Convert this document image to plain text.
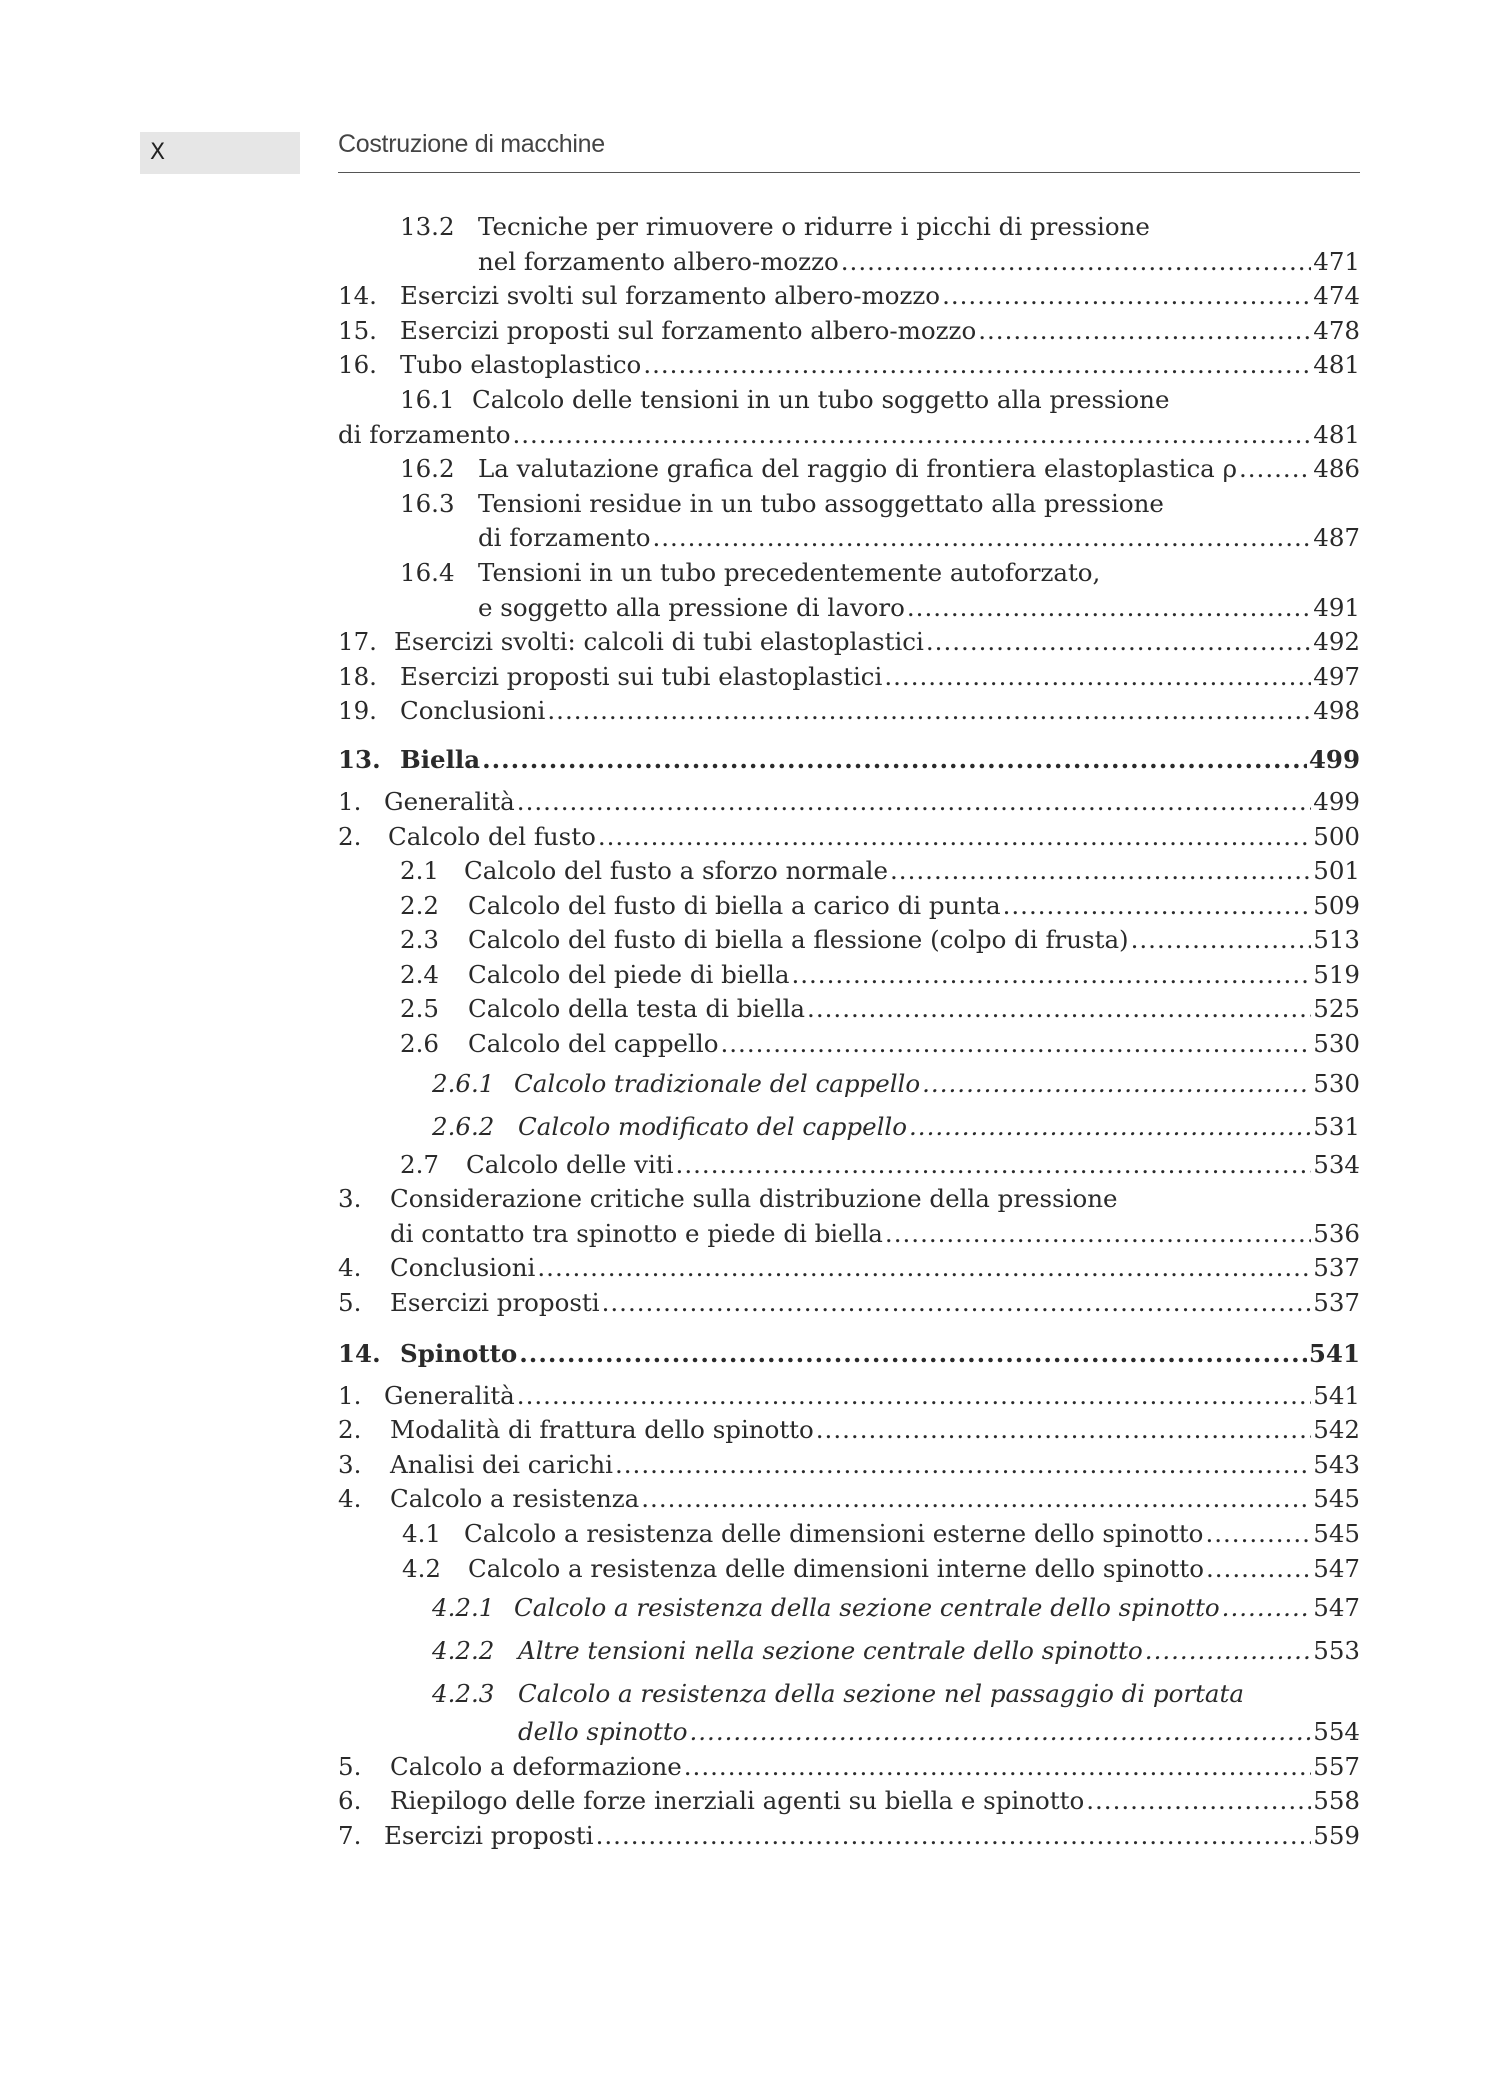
X	Costruzione di macchine
13.2 Tecniche per rimuovere o ridurre i picchi di pressione
nel forzamento albero-mozzo .....	471
14. Esercizi svolti sul forzamento albero-mozzo .....	474
15. Esercizi proposti sul forzamento albero-mozzo .....	478
16. Tubo elastoplastico .....	481
16.1 Calcolo delle tensioni in un tubo soggetto alla pressione
di forzamento .....	481
16.2 La valutazione grafica del raggio di frontiera elastoplastica ρ .....	486
16.3 Tensioni residue in un tubo assoggettato alla pressione
di forzamento .....	487
16.4 Tensioni in un tubo precedentemente autoforzato,
e soggetto alla pressione di lavoro .....	491
17. Esercizi svolti: calcoli di tubi elastoplastici .....	492
18. Esercizi proposti sui tubi elastoplastici .....	497
19. Conclusioni .....	498
13. Biella .....	499
1. Generalità .....	499
2.	Calcolo del fusto .....	500
2.1	Calcolo del fusto a sforzo normale .....	501
2.2	Calcolo del fusto di biella a carico di punta .....	509
2.3	Calcolo del fusto di biella a flessione (colpo di frusta) .....	513
2.4	Calcolo del piede di biella .....	519
2.5	Calcolo della testa di biella .....	525
2.6	Calcolo del cappello .....	530
2.6.1 Calcolo tradizionale del cappello .....	530
2.6.2 Calcolo modificato del cappello .....	531
2.7	Calcolo delle viti .....	534
3.	Considerazione critiche sulla distribuzione della pressione
di contatto tra spinotto e piede di biella .....	536
4.	Conclusioni .....	537
5.	Esercizi proposti .....	537
14. Spinotto .....	541
1. Generalità .....	541
2.	Modalità di frattura dello spinotto .....	542
3.	Analisi dei carichi .....	543
4.	Calcolo a resistenza .....	545
4.1 Calcolo a resistenza delle dimensioni esterne dello spinotto .....	545
4.2	Calcolo a resistenza delle dimensioni interne dello spinotto .....	547
4.2.1 Calcolo a resistenza della sezione centrale dello spinotto .....	547
4.2.2 Altre tensioni nella sezione centrale dello spinotto .....	553
4.2.3 Calcolo a resistenza della sezione nel passaggio di portata
dello spinotto .....	554
5.	Calcolo a deformazione .....	557
6.	Riepilogo delle forze inerziali agenti su biella e spinotto .....	558
7. Esercizi proposti .....	559
